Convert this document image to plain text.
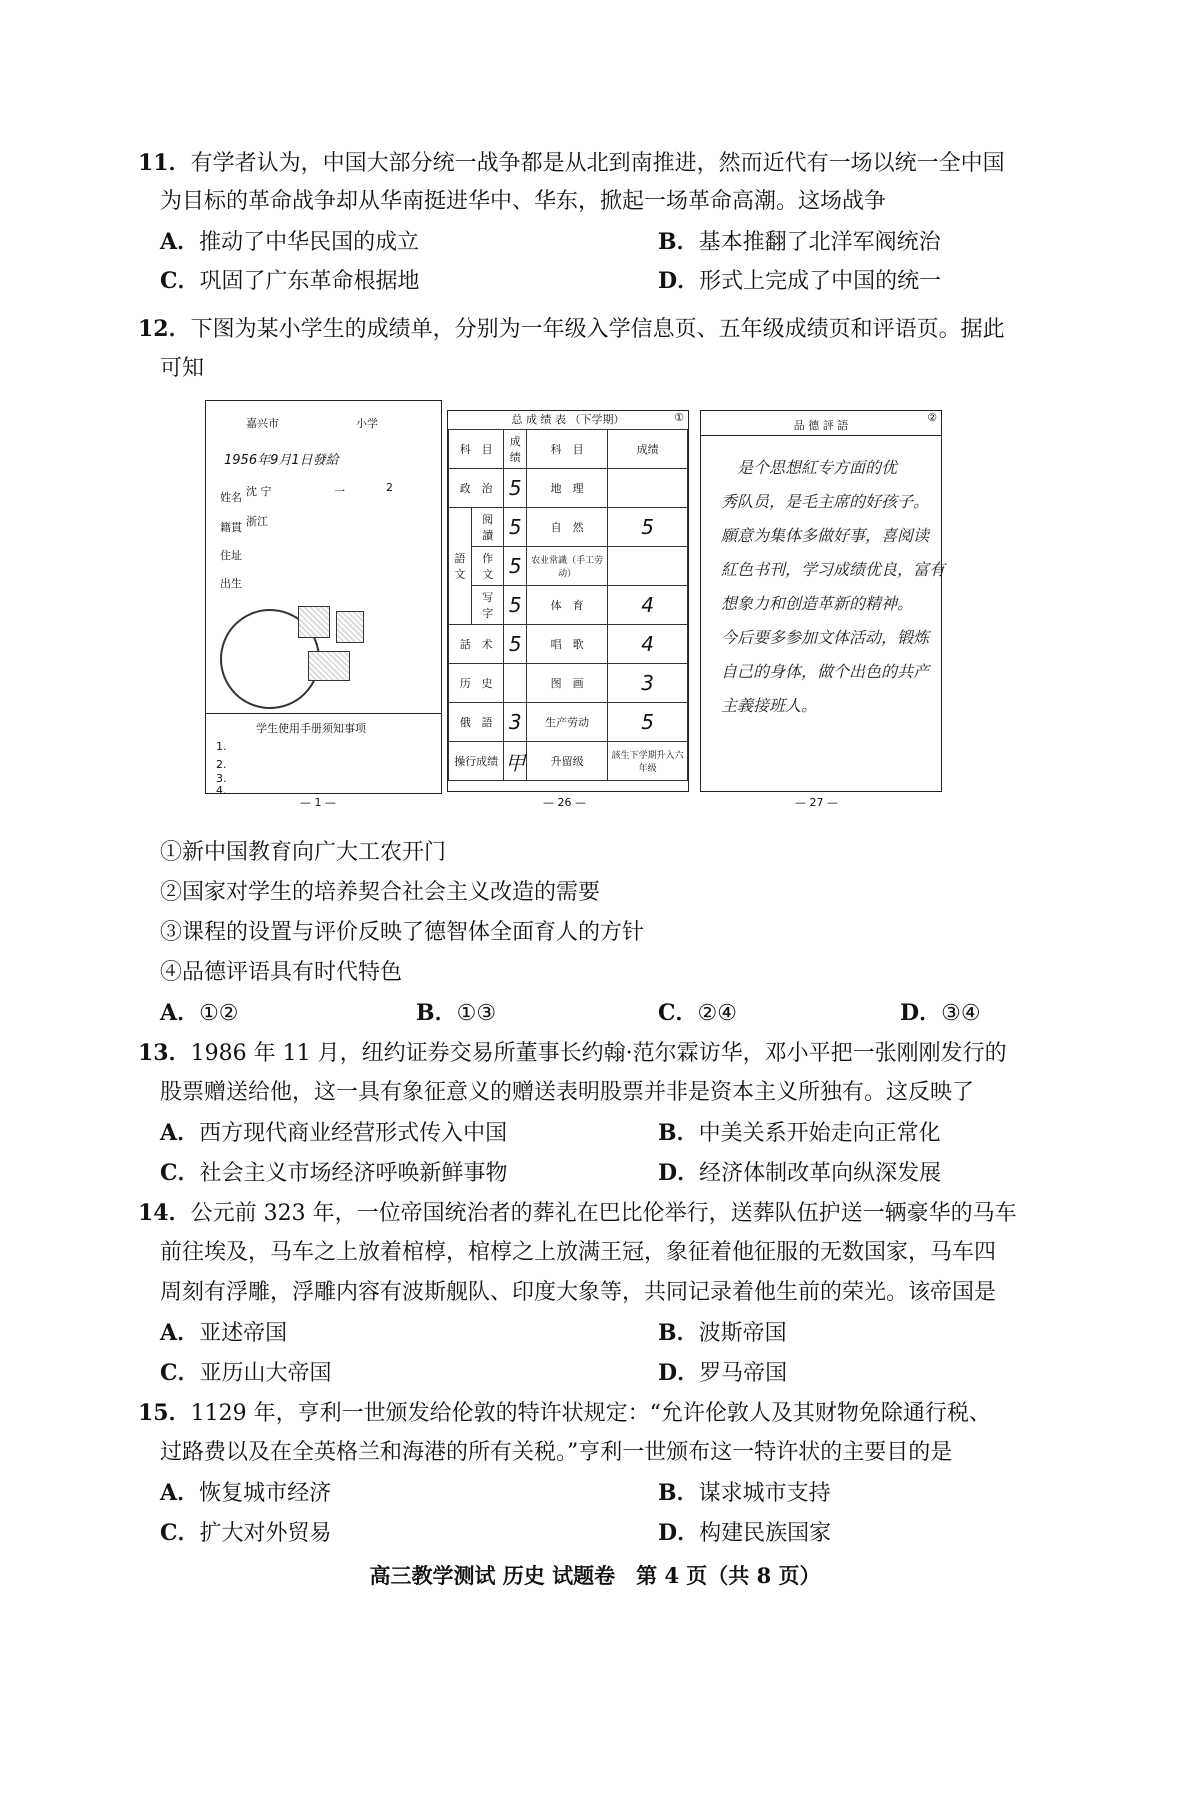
11．有学者认为，中国大部分统一战争都是从北到南推进，然而近代有一场以统一全中国
为目标的革命战争却从华南挺进华中、华东，掀起一场革命高潮。这场战争
A．推动了中华民国的成立	B．基本推翻了北洋军阀统治
C．巩固了广东革命根据地	D．形式上完成了中国的统一
12．下图为某小学生的成绩单，分别为一年级入学信息页、五年级成绩页和评语页。据此
可知
嘉兴市	小学
1956年9月1日發給
姓名 沈 宁	一	2
籍貫 浙江
住址
出生
学生使用手册须知事项
1.
2.
3.
4.
— 1 —
总 成 绩 表 （下学期）	①
科　目		成绩	科　目	成绩
政　治		5	地　理	
語　文	阅　讀	5	自　然	5
	作　文	5	农业常識（手工劳动）	
	写　字	5	体　育	4
話　术		5	唱　歌	4
历　史			图　画	3
俄　語		3	生产劳动	5
操行成绩		甲	升留级	該生下学期升入六年级
— 26 —
品 德 評 語
②
是个思想紅专方面的优
秀队员，是毛主席的好孩子。
願意为集体多做好事，喜阅读
紅色书刊，学习成绩优良，富有
想象力和创造革新的精神。
今后要多参加文体活动，锻炼
自己的身体，做个出色的共产
主義接班人。
— 27 —
①新中国教育向广大工农开门
②国家对学生的培养契合社会主义改造的需要
③课程的设置与评价反映了德智体全面育人的方针
④品德评语具有时代特色
A．①②	B．①③	C．②④	D．③④
13．1986 年 11 月，纽约证券交易所董事长约翰·范尔霖访华，邓小平把一张刚刚发行的
股票赠送给他，这一具有象征意义的赠送表明股票并非是资本主义所独有。这反映了
A．西方现代商业经营形式传入中国	B．中美关系开始走向正常化
C．社会主义市场经济呼唤新鲜事物	D．经济体制改革向纵深发展
14．公元前 323 年，一位帝国统治者的葬礼在巴比伦举行，送葬队伍护送一辆豪华的马车
前往埃及，马车之上放着棺椁，棺椁之上放满王冠，象征着他征服的无数国家，马车四
周刻有浮雕，浮雕内容有波斯舰队、印度大象等，共同记录着他生前的荣光。该帝国是
A．亚述帝国	B．波斯帝国
C．亚历山大帝国	D．罗马帝国
15．1129 年，亨利一世颁发给伦敦的特许状规定：“允许伦敦人及其财物免除通行税、
过路费以及在全英格兰和海港的所有关税。”亨利一世颁布这一特许状的主要目的是
A．恢复城市经济	B．谋求城市支持
C．扩大对外贸易	D．构建民族国家
高三教学测试 历史 试题卷　第 4 页（共 8 页）
